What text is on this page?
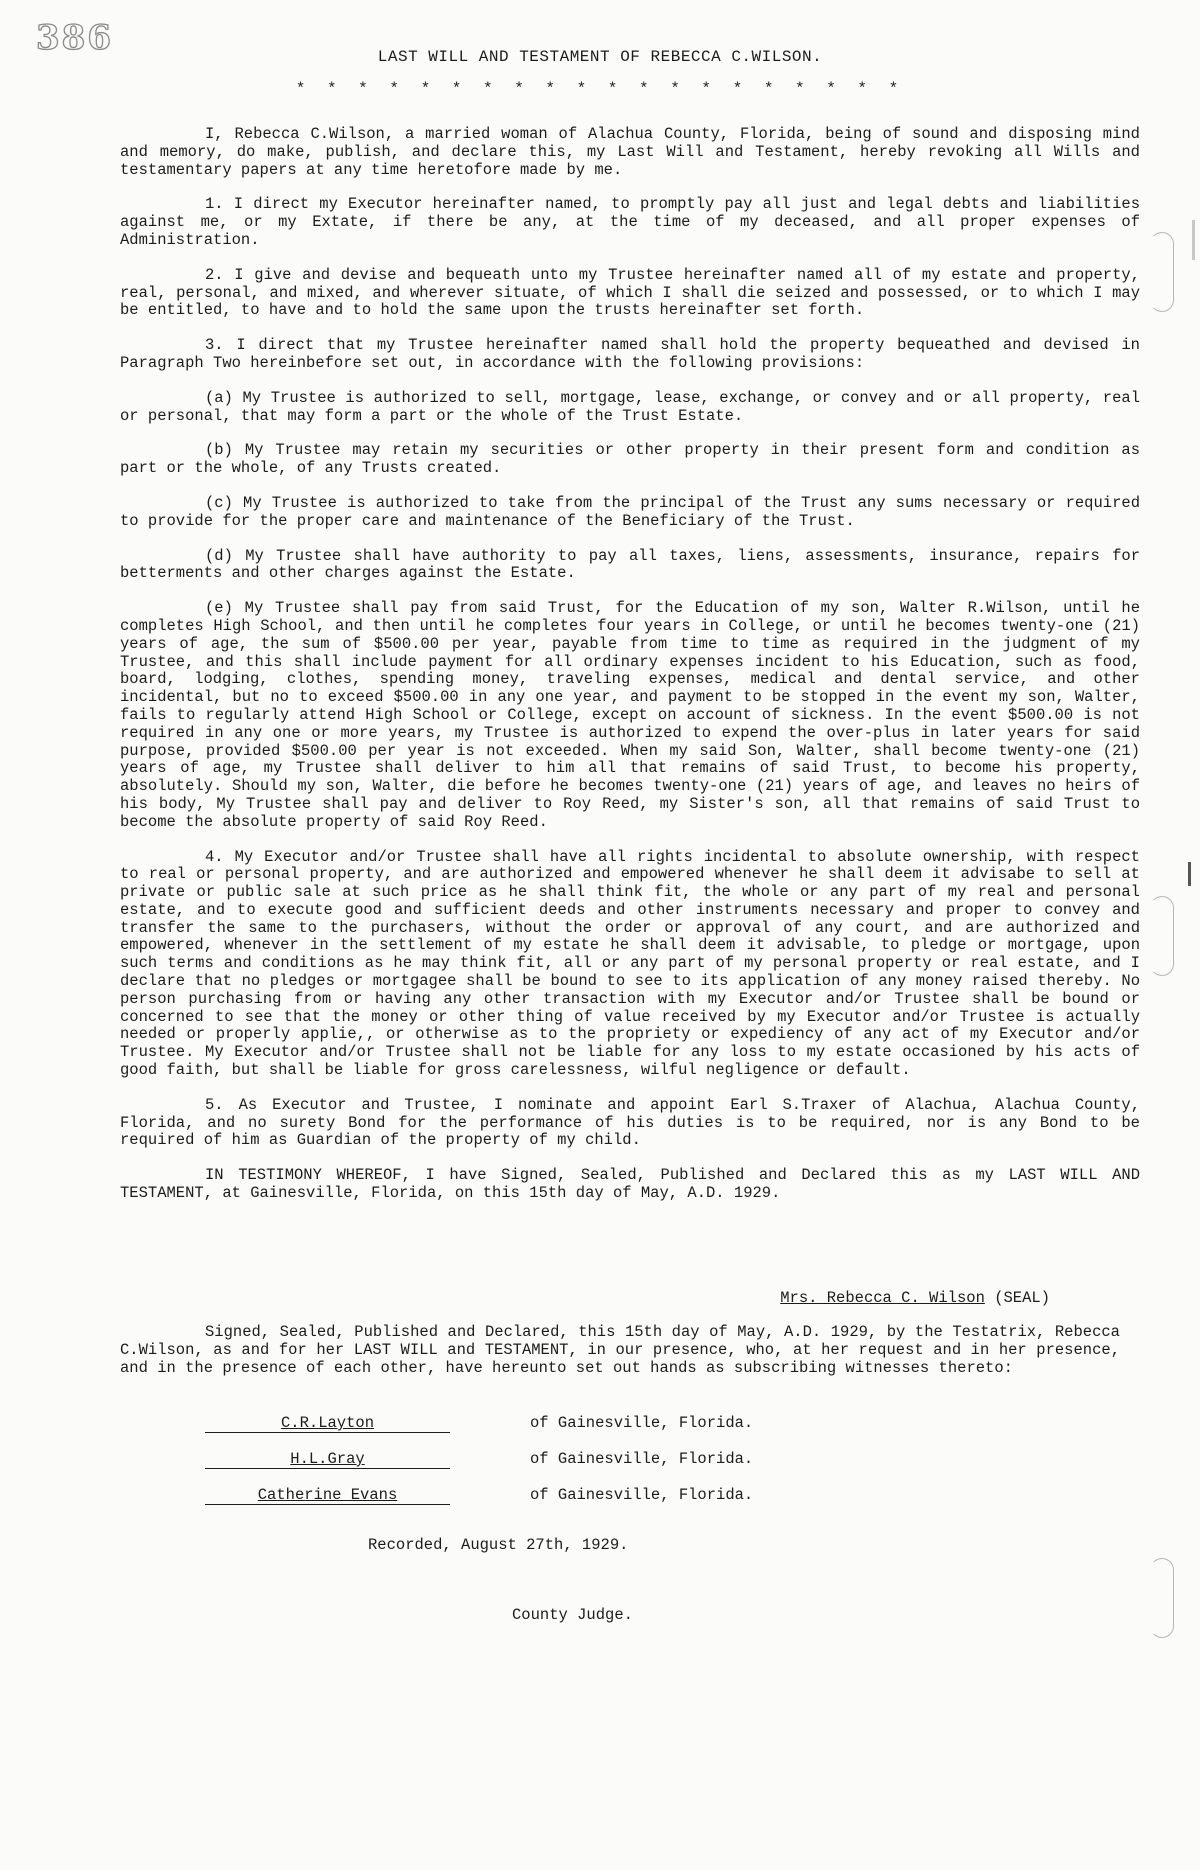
386	LAST WILL AND TESTAMENT OF REBECCA C.WILSON.
* * * * * * * * * * * * * * * * * * * *

I, Rebecca C.Wilson, a married woman of Alachua County, Florida, being of sound and disposing mind and memory, do make, publish, and declare this, my Last Will and Testament, hereby revoking all Wills and testamentary papers at any time heretofore made by me.

1. I direct my Executor hereinafter named, to promptly pay all just and legal debts and liabilities against me, or my Extate, if there be any, at the time of my deceased, and all proper expenses of Administration.

2. I give and devise and bequeath unto my Trustee hereinafter named all of my estate and property, real, personal, and mixed, and wherever situate, of which I shall die seized and possessed, or to which I may be entitled, to have and to hold the same upon the trusts hereinafter set forth.

3. I direct that my Trustee hereinafter named shall hold the property bequeathed and devised in Paragraph Two hereinbefore set out, in accordance with the following provisions:

(a) My Trustee is authorized to sell, mortgage, lease, exchange, or convey and or all property, real or personal, that may form a part or the whole of the Trust Estate.

(b) My Trustee may retain my securities or other property in their present form and condition as part or the whole, of any Trusts created.

(c) My Trustee is authorized to take from the principal of the Trust any sums necessary or required to provide for the proper care and maintenance of the Beneficiary of the Trust.

(d) My Trustee shall have authority to pay all taxes, liens, assessments, insurance, repairs for betterments and other charges against the Estate.

(e) My Trustee shall pay from said Trust, for the Education of my son, Walter R.Wilson, until he completes High School, and then until he completes four years in College, or until he becomes twenty-one (21) years of age, the sum of $500.00 per year, payable from time to time as required in the judgment of my Trustee, and this shall include payment for all ordinary expenses incident to his Education, such as food, board, lodging, clothes, spending money, traveling expenses, medical and dental service, and other incidental, but no to exceed $500.00 in any one year, and payment to be stopped in the event my son, Walter, fails to regularly attend High School or College, except on account of sickness. In the event $500.00 is not required in any one or more years, my Trustee is authorized to expend the over-plus in later years for said purpose, provided $500.00 per year is not exceeded. When my said Son, Walter, shall become twenty-one (21) years of age, my Trustee shall deliver to him all that remains of said Trust, to become his property, absolutely. Should my son, Walter, die before he becomes twenty-one (21) years of age, and leaves no heirs of his body, My Trustee shall pay and deliver to Roy Reed, my Sister's son, all that remains of said Trust to become the absolute property of said Roy Reed.

4. My Executor and/or Trustee shall have all rights incidental to absolute ownership, with respect to real or personal property, and are authorized and empowered whenever he shall deem it advisabe to sell at private or public sale at such price as he shall think fit, the whole or any part of my real and personal estate, and to execute good and sufficient deeds and other instruments necessary and proper to convey and transfer the same to the purchasers, without the order or approval of any court, and are authorized and empowered, whenever in the settlement of my estate he shall deem it advisable, to pledge or mortgage, upon such terms and conditions as he may think fit, all or any part of my personal property or real estate, and I declare that no pledges or mortgagee shall be bound to see to its application of any money raised thereby. No person purchasing from or having any other transaction with my Executor and/or Trustee shall be bound or concerned to see that the money or other thing of value received by my Executor and/or Trustee is actually needed or properly applie,, or otherwise as to the propriety or expediency of any act of my Executor and/or Trustee. My Executor and/or Trustee shall not be liable for any loss to my estate occasioned by his acts of good faith, but shall be liable for gross carelessness, wilful negligence or default.

5. As Executor and Trustee, I nominate and appoint Earl S.Traxer of Alachua, Alachua County, Florida, and no surety Bond for the performance of his duties is to be required, nor is any Bond to be required of him as Guardian of the property of my child.

IN TESTIMONY WHEREOF, I have Signed, Sealed, Published and Declared this as my LAST WILL AND TESTAMENT, at Gainesville, Florida, on this 15th day of May, A.D. 1929.

Mrs. Rebecca C. Wilson (SEAL)

Signed, Sealed, Published and Declared, this 15th day of May, A.D. 1929, by the Testatrix, Rebecca C.Wilson, as and for her LAST WILL and TESTAMENT, in our presence, who, at her request and in her presence, and in the presence of each other, have hereunto set out hands as subscribing witnesses thereto:

C.R.Layton	of Gainesville, Florida.
H.L.Gray	of Gainesville, Florida.
Catherine Evans	of Gainesville, Florida.
Recorded, August 27th, 1929.
County Judge.
